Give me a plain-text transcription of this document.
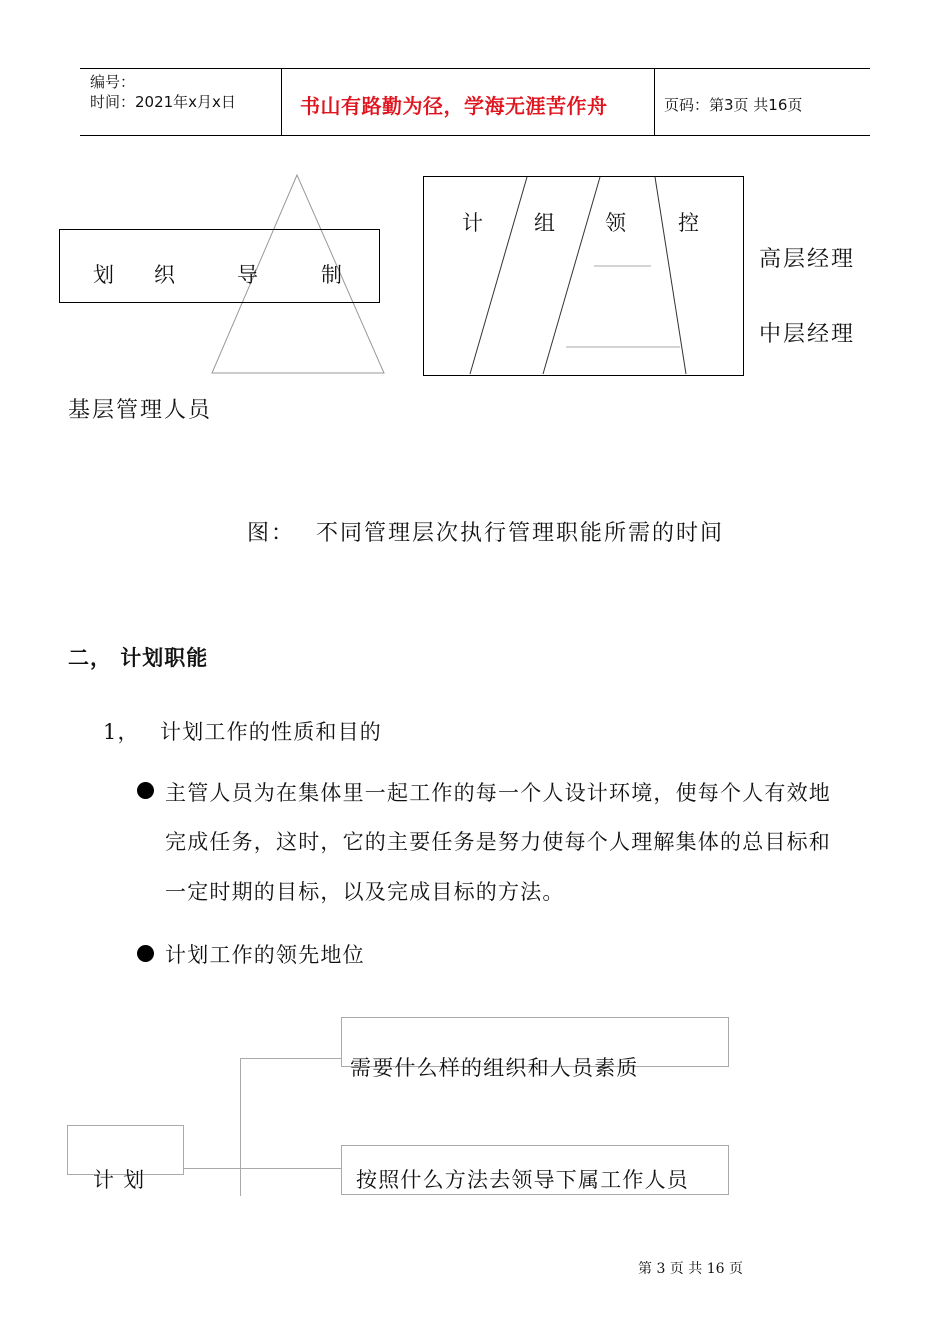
编号：
时间：2021年x月x日	书山有路勤为径，学海无涯苦作舟	页码：第3页 共16页
划 织	导	制
计 组 领 控
高层经理
中层经理
基层管理人员
图： 不同管理层次执行管理职能所需的时间
二， 计划职能
1， 计划工作的性质和目的
主管人员为在集体里一起工作的每一个人设计环境，使每个人有效地
完成任务，这时，它的主要任务是努力使每个人理解集体的总目标和
一定时期的目标，以及完成目标的方法。
计划工作的领先地位
计 划
需要什么样的组织和人员素质
按照什么方法去领导下属工作人员
第 3 页 共 16 页
